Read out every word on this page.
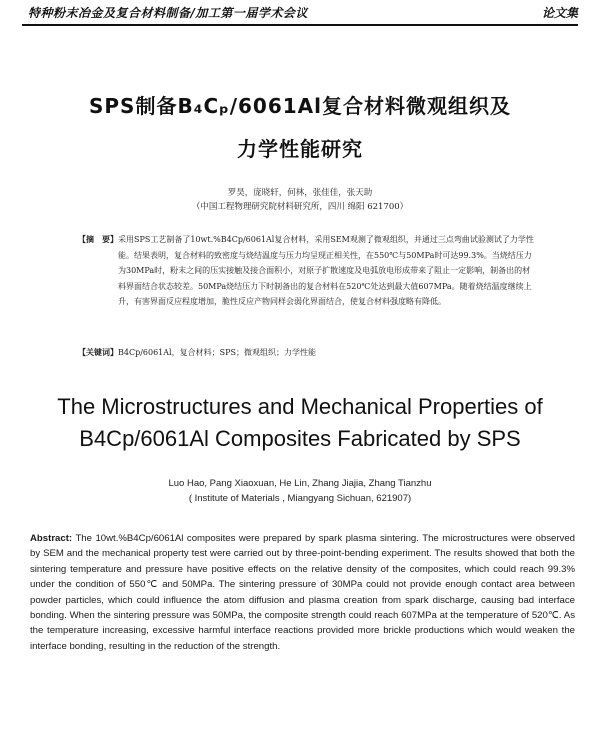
特种粉末冶金及复合材料制备/加工第一届学术会议	论文集
SPS制备B₄Cₚ/6061Al复合材料微观组织及
力学性能研究
罗昊，庞晓轩，何林，张佳佳，张天助
（中国工程物理研究院材料研究所，四川 绵阳 621700）
【摘　要】 采用SPS工艺制备了10wt.%B4Cp/6061Al复合材料，采用SEM观测了微观组织，并通过三点弯曲试验测试了力学性能。结果表明，复合材料的致密度与烧结温度与压力均呈现正相关性，在550℃与50MPa时可达99.3%。当烧结压力为30MPa时，粉末之间的压实接触及接合面积小，对原子扩散速度及电弧放电形成带来了阻止一定影响，制备出的材料界面结合状态较差。50MPa烧结压力下时制备出的复合材料在520℃处达到最大值607MPa。随着烧结温度继续上升，有害界面反应程度增加，脆性反应产物同样会弱化界面结合，使复合材料强度略有降低。
【关键词】B4Cp/6061Al，复合材料；SPS；微观组织；力学性能
The Microstructures and Mechanical Properties of
B4Cp/6061Al Composites Fabricated by SPS
Luo Hao, Pang Xiaoxuan, He Lin, Zhang Jiajia, Zhang Tianzhu
( Institute of Materials , Miangyang Sichuan, 621907)
Abstract: The 10wt.%B4Cp/6061Al composites were prepared by spark plasma sintering. The microstructures were observed by SEM and the mechanical property test were carried out by three-point-bending experiment. The results showed that both the sintering temperature and pressure have positive effects on the relative density of the composites, which could reach 99.3% under the condition of 550℃ and 50MPa. The sintering pressure of 30MPa could not provide enough contact area between powder particles, which could influence the atom diffusion and plasma creation from spark discharge, causing bad interface bonding. When the sintering pressure was 50MPa, the composite strength could reach 607MPa at the temperature of 520℃. As the temperature increasing, excessive harmful interface reactions provided more brickle productions which would weaken the interface bonding, resulting in the reduction of the strength.
